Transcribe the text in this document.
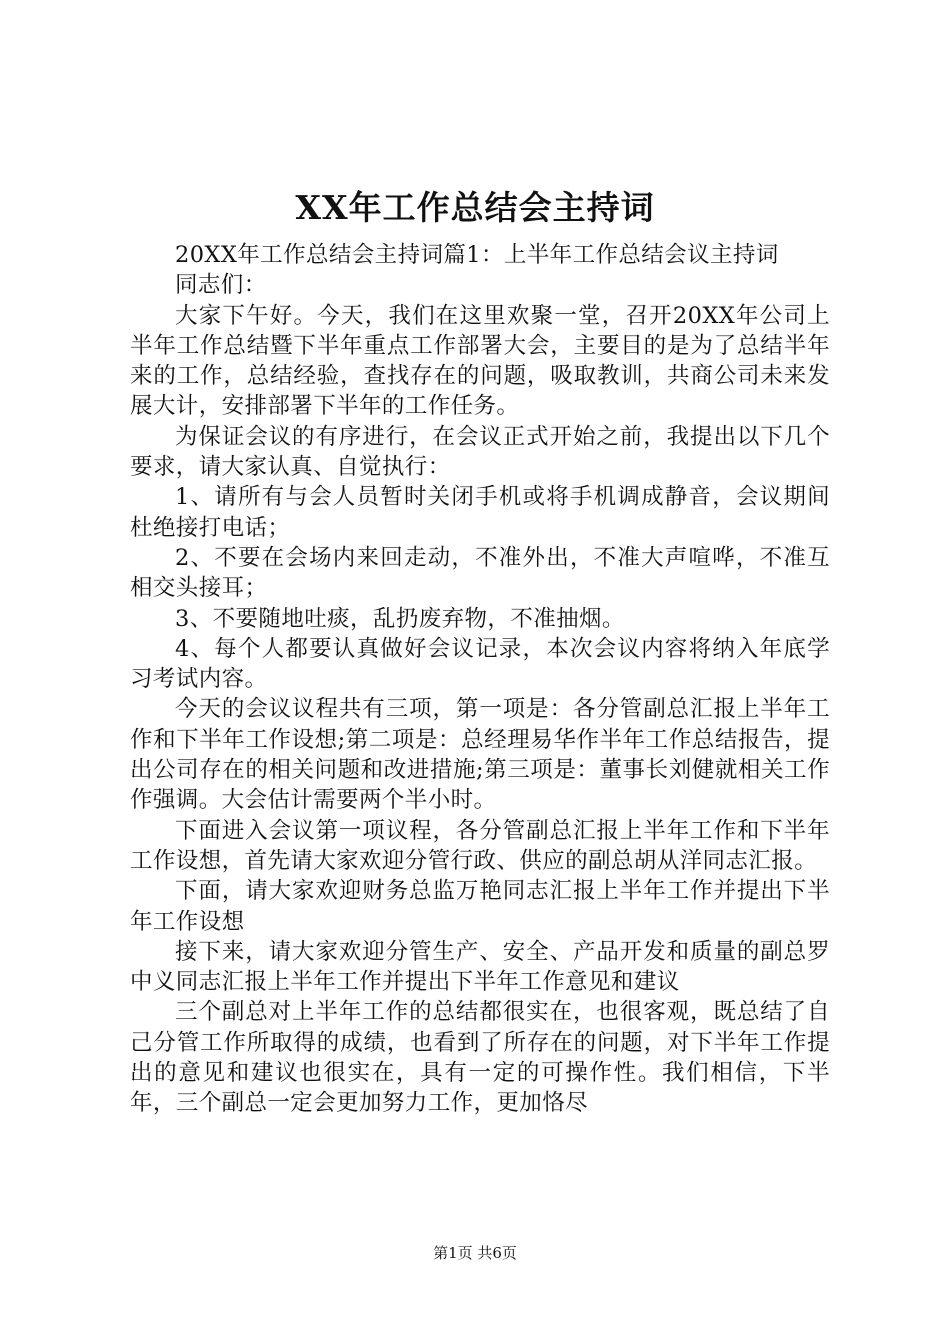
XX年工作总结会主持词

20XX年工作总结会主持词篇1：上半年工作总结会议主持词

同志们：

大家下午好。今天，我们在这里欢聚一堂，召开20XX年公司上半年工作总结暨下半年重点工作部署大会，主要目的是为了总结半年来的工作，总结经验，查找存在的问题，吸取教训，共商公司未来发展大计，安排部署下半年的工作任务。

为保证会议的有序进行，在会议正式开始之前，我提出以下几个要求，请大家认真、自觉执行：

1、请所有与会人员暂时关闭手机或将手机调成静音，会议期间杜绝接打电话；

2、不要在会场内来回走动，不准外出，不准大声喧哗，不准互相交头接耳；

3、不要随地吐痰，乱扔废弃物，不准抽烟。

4、每个人都要认真做好会议记录，本次会议内容将纳入年底学习考试内容。

今天的会议议程共有三项，第一项是：各分管副总汇报上半年工作和下半年工作设想;第二项是：总经理易华作半年工作总结报告，提出公司存在的相关问题和改进措施;第三项是：董事长刘健就相关工作作强调。大会估计需要两个半小时。

下面进入会议第一项议程，各分管副总汇报上半年工作和下半年工作设想，首先请大家欢迎分管行政、供应的副总胡从洋同志汇报。

下面，请大家欢迎财务总监万艳同志汇报上半年工作并提出下半年工作设想

接下来，请大家欢迎分管生产、安全、产品开发和质量的副总罗中义同志汇报上半年工作并提出下半年工作意见和建议

三个副总对上半年工作的总结都很实在，也很客观，既总结了自己分管工作所取得的成绩，也看到了所存在的问题，对下半年工作提出的意见和建议也很实在，具有一定的可操作性。我们相信，下半年，三个副总一定会更加努力工作，更加恪尽

第1页 共6页
